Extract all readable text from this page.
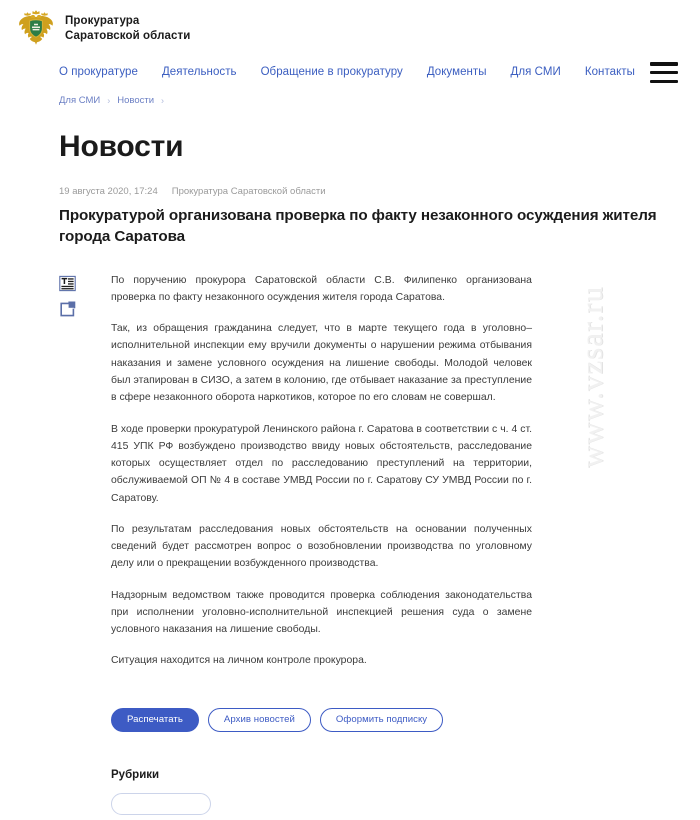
www.vzsar.ru
Прокуратура
Саратовской области
О прокуратуре Деятельность Обращение в прокуратуру Документы Для СМИ Контакты
Для СМИ › Новости ›
Новости
19 августа 2020, 17:24 Прокуратура Саратовской области
Прокуратурой организована проверка по факту незаконного осуждения жителя города Саратова

По поручению прокурора Саратовской области С.В. Филипенко организована проверка по факту незаконного осуждения жителя города Саратова.

Так, из обращения гражданина следует, что в марте текущего года в уголовно–исполнительной инспекции ему вручили документы о нарушении режима отбывания наказания и замене условного осуждения на лишение свободы. Молодой человек был этапирован в СИЗО, а затем в колонию, где отбывает наказание за преступление в сфере незаконного оборота наркотиков, которое по его словам не совершал.

В ходе проверки прокуратурой Ленинского района г. Саратова в соответствии с ч. 4 ст. 415 УПК РФ возбуждено производство ввиду новых обстоятельств, расследование которых осуществляет отдел по расследованию преступлений на территории, обслуживаемой ОП № 4 в составе УМВД России по г. Саратову СУ УМВД России по г. Саратову.

По результатам расследования новых обстоятельств на основании полученных сведений будет рассмотрен вопрос о возобновлении производства по уголовному делу или о прекращении возбужденного производства.

Надзорным ведомством также проводится проверка соблюдения законодательства при исполнении уголовно-исполнительной инспекцией решения суда о замене условного наказания на лишение свободы.

Ситуация находится на личном контроле прокурора.

Распечатать	Архив новостей	Оформить подписку
Рубрики
